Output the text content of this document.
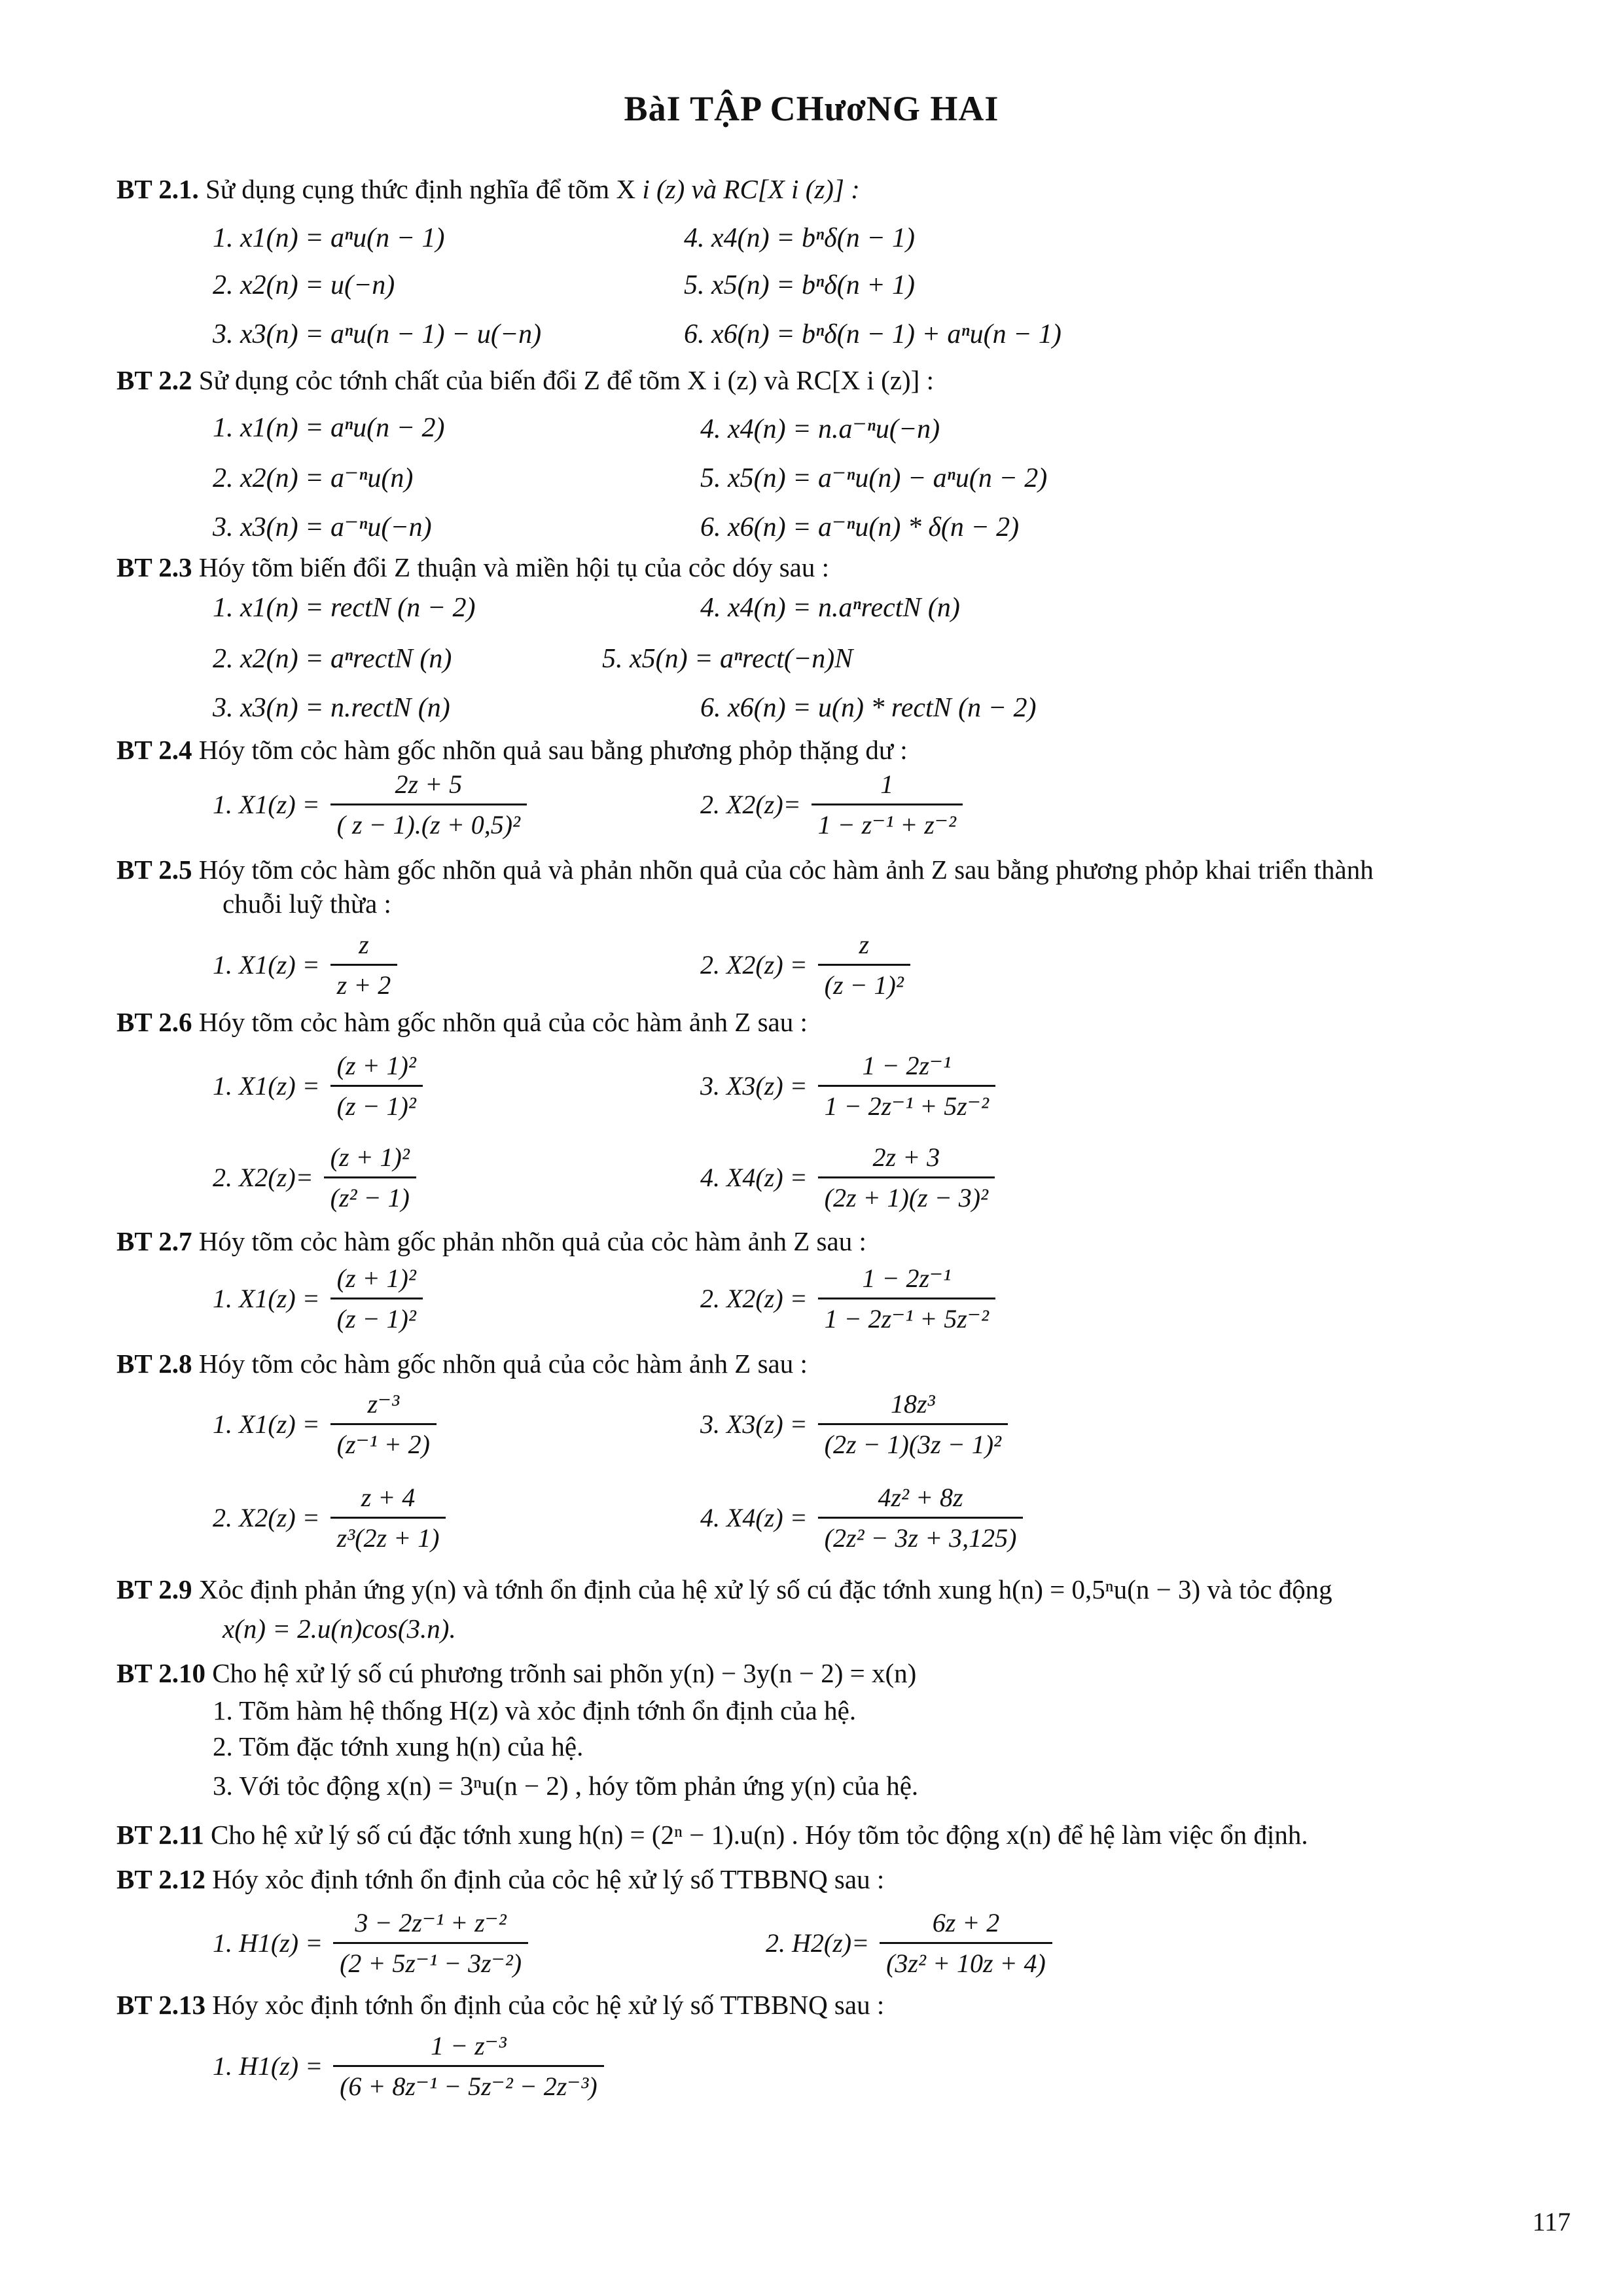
BàI TẬP CHươNG HAI
BT 2.1. Sử dụng cụng thức định nghĩa để tõm X i (z) và RC[X i (z)] :
1. x1(n) = aⁿu(n − 1)	4. x4(n) = bⁿδ(n − 1)
2. x2(n) = u(−n)	5. x5(n) = bⁿδ(n + 1)
3. x3(n) = aⁿu(n − 1) − u(−n)	6. x6(n) = bⁿδ(n − 1) + aⁿu(n − 1)
BT 2.2 Sử dụng cỏc tớnh chất của biến đổi Z để tõm X i (z) và RC[X i (z)] :
1. x1(n) = aⁿu(n − 2)	4. x4(n) = n.a⁻ⁿu(−n)
2. x2(n) = a⁻ⁿu(n)	5. x5(n) = a⁻ⁿu(n) − aⁿu(n − 2)
3. x3(n) = a⁻ⁿu(−n)	6. x6(n) = a⁻ⁿu(n) * δ(n − 2)
BT 2.3 Hóy tõm biến đổi Z thuận và miền hội tụ của cỏc dóy sau :
1. x1(n) = rectN (n − 2)	4. x4(n) = n.aⁿrectN (n)
2. x2(n) = aⁿrectN (n)	5. x5(n) = aⁿrect(−n)N
3. x3(n) = n.rectN (n)	6. x6(n) = u(n) * rectN (n − 2)
BT 2.4 Hóy tõm cỏc hàm gốc nhõn quả sau bằng phương phỏp thặng dư :
1. $X1(z) = \frac{2z + 5}{\text{( z − 1).(z + 0,5)²}}$	2. $X2(z)= \frac{1}{\text{1 − z⁻¹ + z⁻²}}$
BT 2.5 Hóy tõm cỏc hàm gốc nhõn quả và phản nhõn quả của cỏc hàm ảnh Z sau bằng phương phỏp khai triển thành
chuỗi luỹ thừa :
1. $X1(z) = \frac{z}{z + 2}$	2. $X2(z) = \frac{z}{\text{(z − 1)²}}$
BT 2.6 Hóy tõm cỏc hàm gốc nhõn quả của cỏc hàm ảnh Z sau :
1. $X1(z) = \frac{\text{(z + 1)²}}{\text{(z − 1)²}}$	3. $X3(z) = \frac{\text{1 − 2z⁻¹}}{\text{1 − 2z⁻¹ + 5z⁻²}}$
2. $X2(z)= \frac{\text{(z + 1)²}}{\text{(z² − 1)}}$	4. $X4(z) = \frac{2z + 3}{\text{(2z + 1)(z − 3)²}}$
BT 2.7 Hóy tõm cỏc hàm gốc phản nhõn quả của cỏc hàm ảnh Z sau :
1. $X1(z) = \frac{\text{(z + 1)²}}{\text{(z − 1)²}}$	2. $X2(z) = \frac{\text{1 − 2z⁻¹}}{\text{1 − 2z⁻¹ + 5z⁻²}}$
BT 2.8 Hóy tõm cỏc hàm gốc nhõn quả của cỏc hàm ảnh Z sau :
1. $X1(z) = \frac{\text{z⁻³}}{\text{(z⁻¹ + 2)}}$	3. $X3(z) = \frac{\text{18z³}}{\text{(2z − 1)(3z − 1)²}}$
2. $X2(z) = \frac{z + 4}{\text{z³(2z + 1)}}$	4. $X4(z) = \frac{\text{4z² + 8z}}{\text{(2z² − 3z + 3,125)}}$
BT 2.9 Xỏc định phản ứng y(n) và tớnh ổn định của hệ xử lý số cú đặc tớnh xung h(n) = 0,5ⁿu(n − 3) và tỏc động
x(n) = 2.u(n)cos(3.n).
BT 2.10 Cho hệ xử lý số cú phương trõnh sai phõn y(n) − 3y(n − 2) = x(n)
1. Tõm hàm hệ thống H(z) và xỏc định tớnh ổn định của hệ.
2. Tõm đặc tớnh xung h(n) của hệ.
3. Với tỏc động x(n) = 3ⁿu(n − 2) , hóy tõm phản ứng y(n) của hệ.
BT 2.11 Cho hệ xử lý số cú đặc tớnh xung h(n) = (2ⁿ − 1).u(n) . Hóy tõm tỏc động x(n) để hệ làm việc ổn định.
BT 2.12 Hóy xỏc định tớnh ổn định của cỏc hệ xử lý số TTBBNQ sau :
1. $H1(z) = \frac{\text{3 − 2z⁻¹ + z⁻²}}{\text{(2 + 5z⁻¹ − 3z⁻²)}}$	2. $H2(z)= \frac{6z + 2}{\text{(3z² + 10z + 4)}}$
BT 2.13 Hóy xỏc định tớnh ổn định của cỏc hệ xử lý số TTBBNQ sau :
1. $H1(z) = \frac{\text{1 − z⁻³}}{\text{(6 + 8z⁻¹ − 5z⁻² − 2z⁻³)}}$
117
